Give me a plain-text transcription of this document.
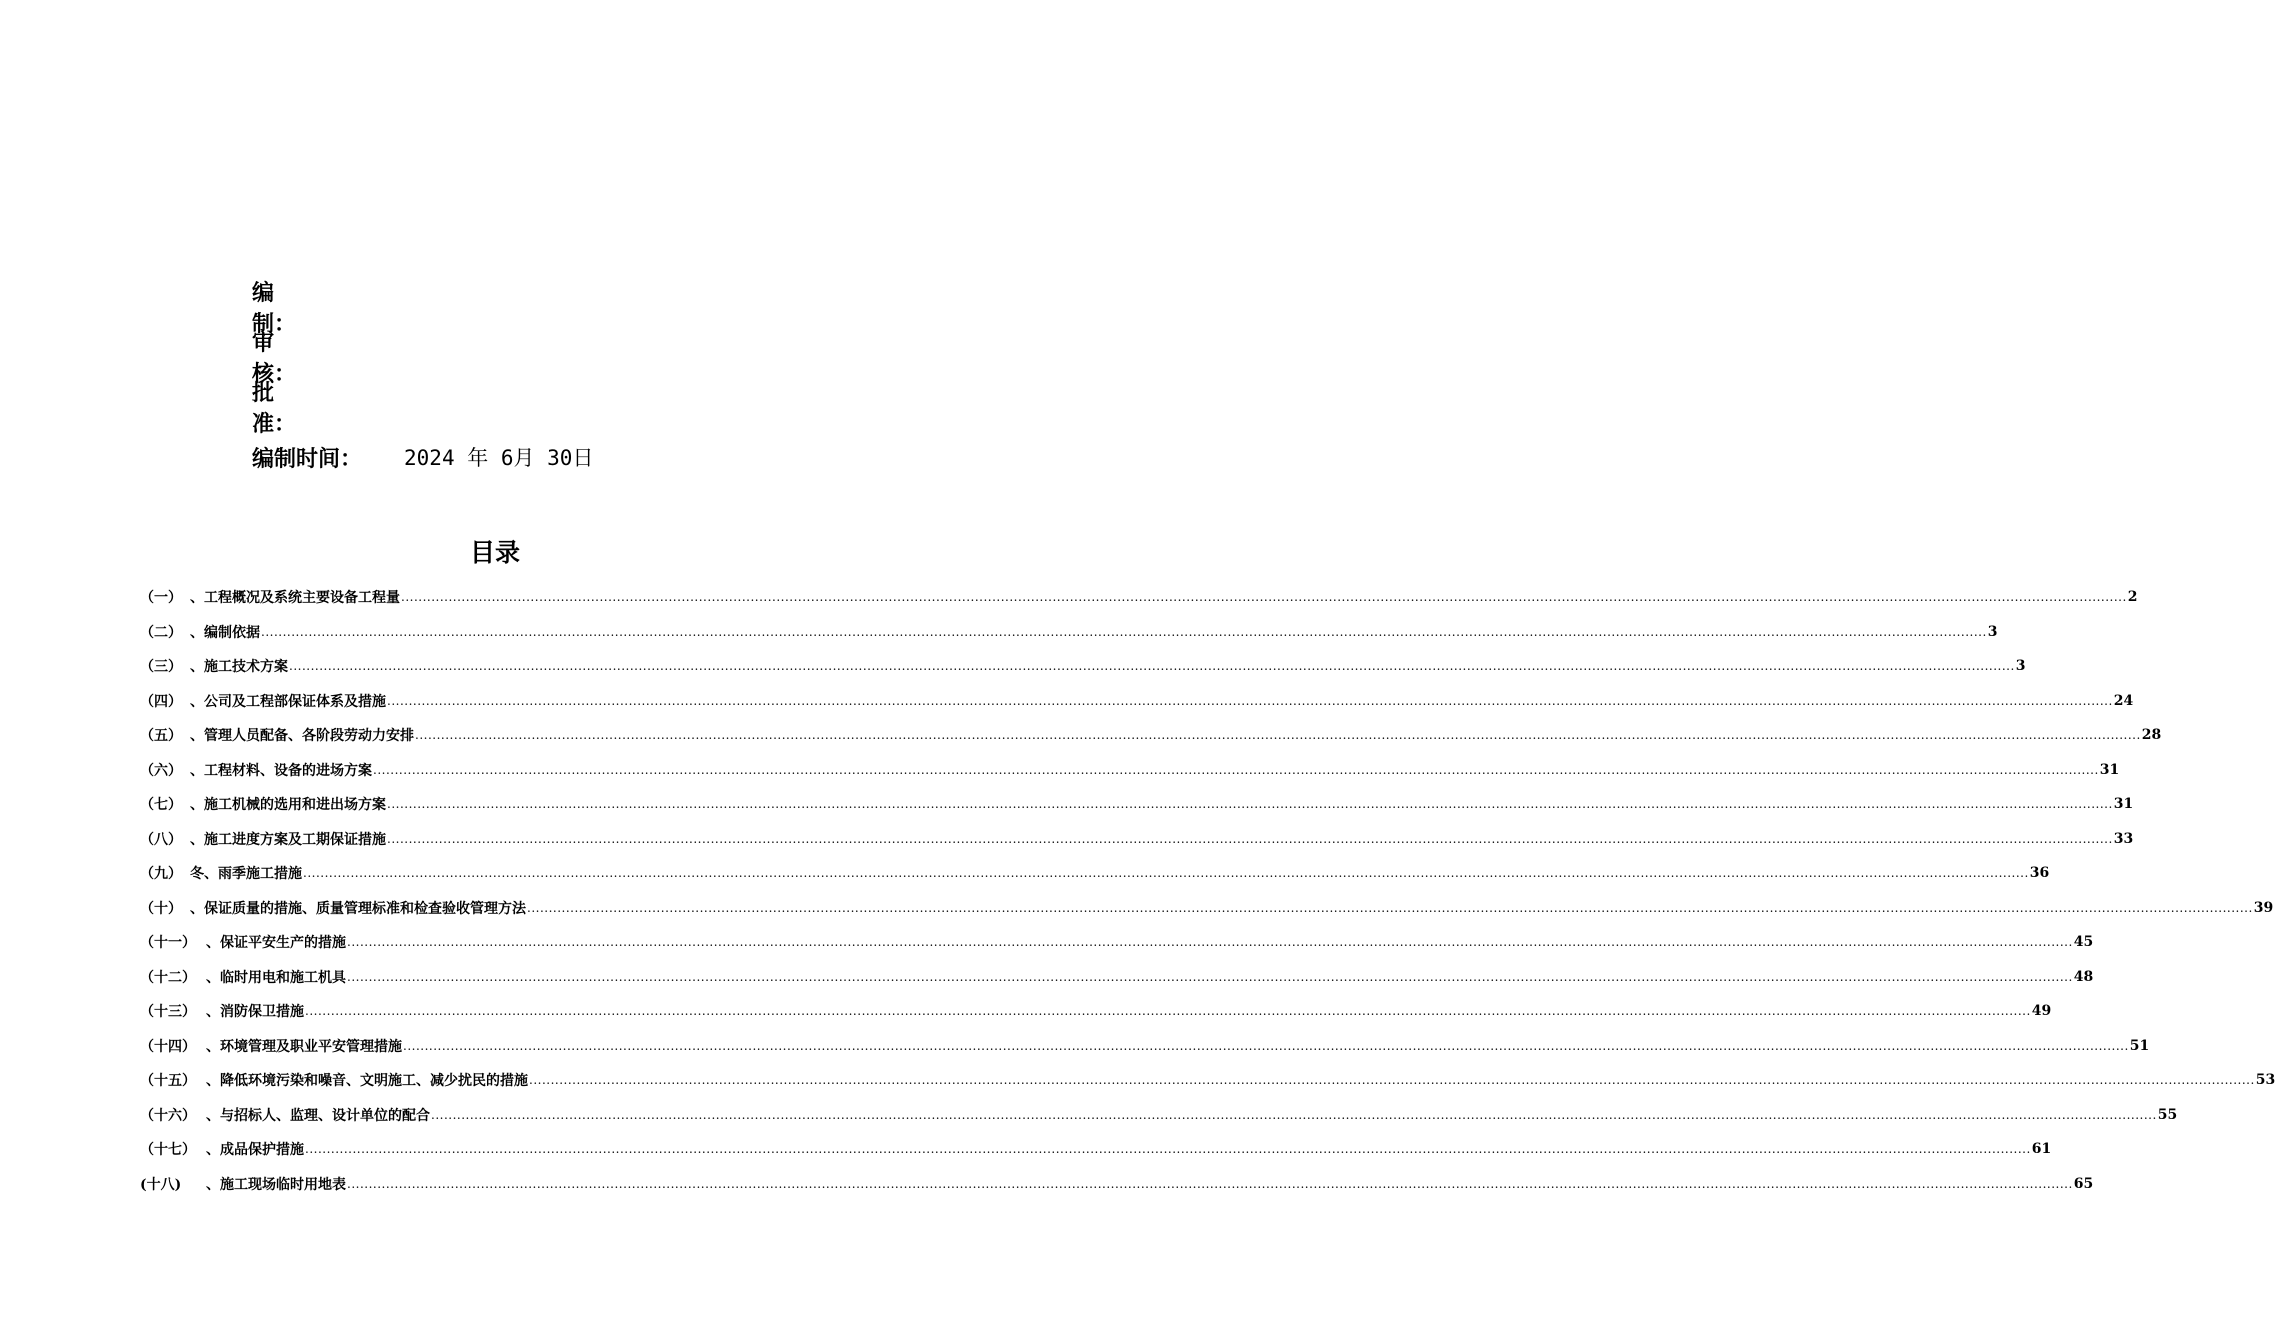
编制：
审核：
批准：
编制时间： 2024 年 6月 30日
目录
（一） 、工程概况及系统主要设备工程量 ................................................................................................................................................................................................................................................................................................................................................................................................................ 2
（二） 、编制依据 ................................................................................................................................................................................................................................................................................................................................................................................................................ 3
（三） 、施工技术方案 ................................................................................................................................................................................................................................................................................................................................................................................................................ 3
（四） 、公司及工程部保证体系及措施 ................................................................................................................................................................................................................................................................................................................................................................................................................ 24
（五） 、管理人员配备、各阶段劳动力安排 ................................................................................................................................................................................................................................................................................................................................................................................................................ 28
（六） 、工程材料、设备的进场方案 ................................................................................................................................................................................................................................................................................................................................................................................................................ 31
（七） 、施工机械的选用和进出场方案 ................................................................................................................................................................................................................................................................................................................................................................................................................ 31
（八） 、施工进度方案及工期保证措施 ................................................................................................................................................................................................................................................................................................................................................................................................................ 33
（九） 冬、雨季施工措施 ................................................................................................................................................................................................................................................................................................................................................................................................................ 36
（十） 、保证质量的措施、质量管理标准和检查验收管理方法 ................................................................................................................................................................................................................................................................................................................................................................................................................ 39
（十一） 、保证平安生产的措施 ................................................................................................................................................................................................................................................................................................................................................................................................................ 45
（十二） 、临时用电和施工机具 ................................................................................................................................................................................................................................................................................................................................................................................................................ 48
（十三） 、消防保卫措施 ................................................................................................................................................................................................................................................................................................................................................................................................................ 49
（十四） 、环境管理及职业平安管理措施 ................................................................................................................................................................................................................................................................................................................................................................................................................ 51
（十五） 、降低环境污染和噪音、文明施工、减少扰民的措施 ................................................................................................................................................................................................................................................................................................................................................................................................................ 53
（十六） 、与招标人、监理、设计单位的配合 ................................................................................................................................................................................................................................................................................................................................................................................................................ 55
（十七） 、成品保护措施 ................................................................................................................................................................................................................................................................................................................................................................................................................ 61
(十八)	、施工现场临时用地表 ................................................................................................................................................................................................................................................................................................................................................................................................................ 65
